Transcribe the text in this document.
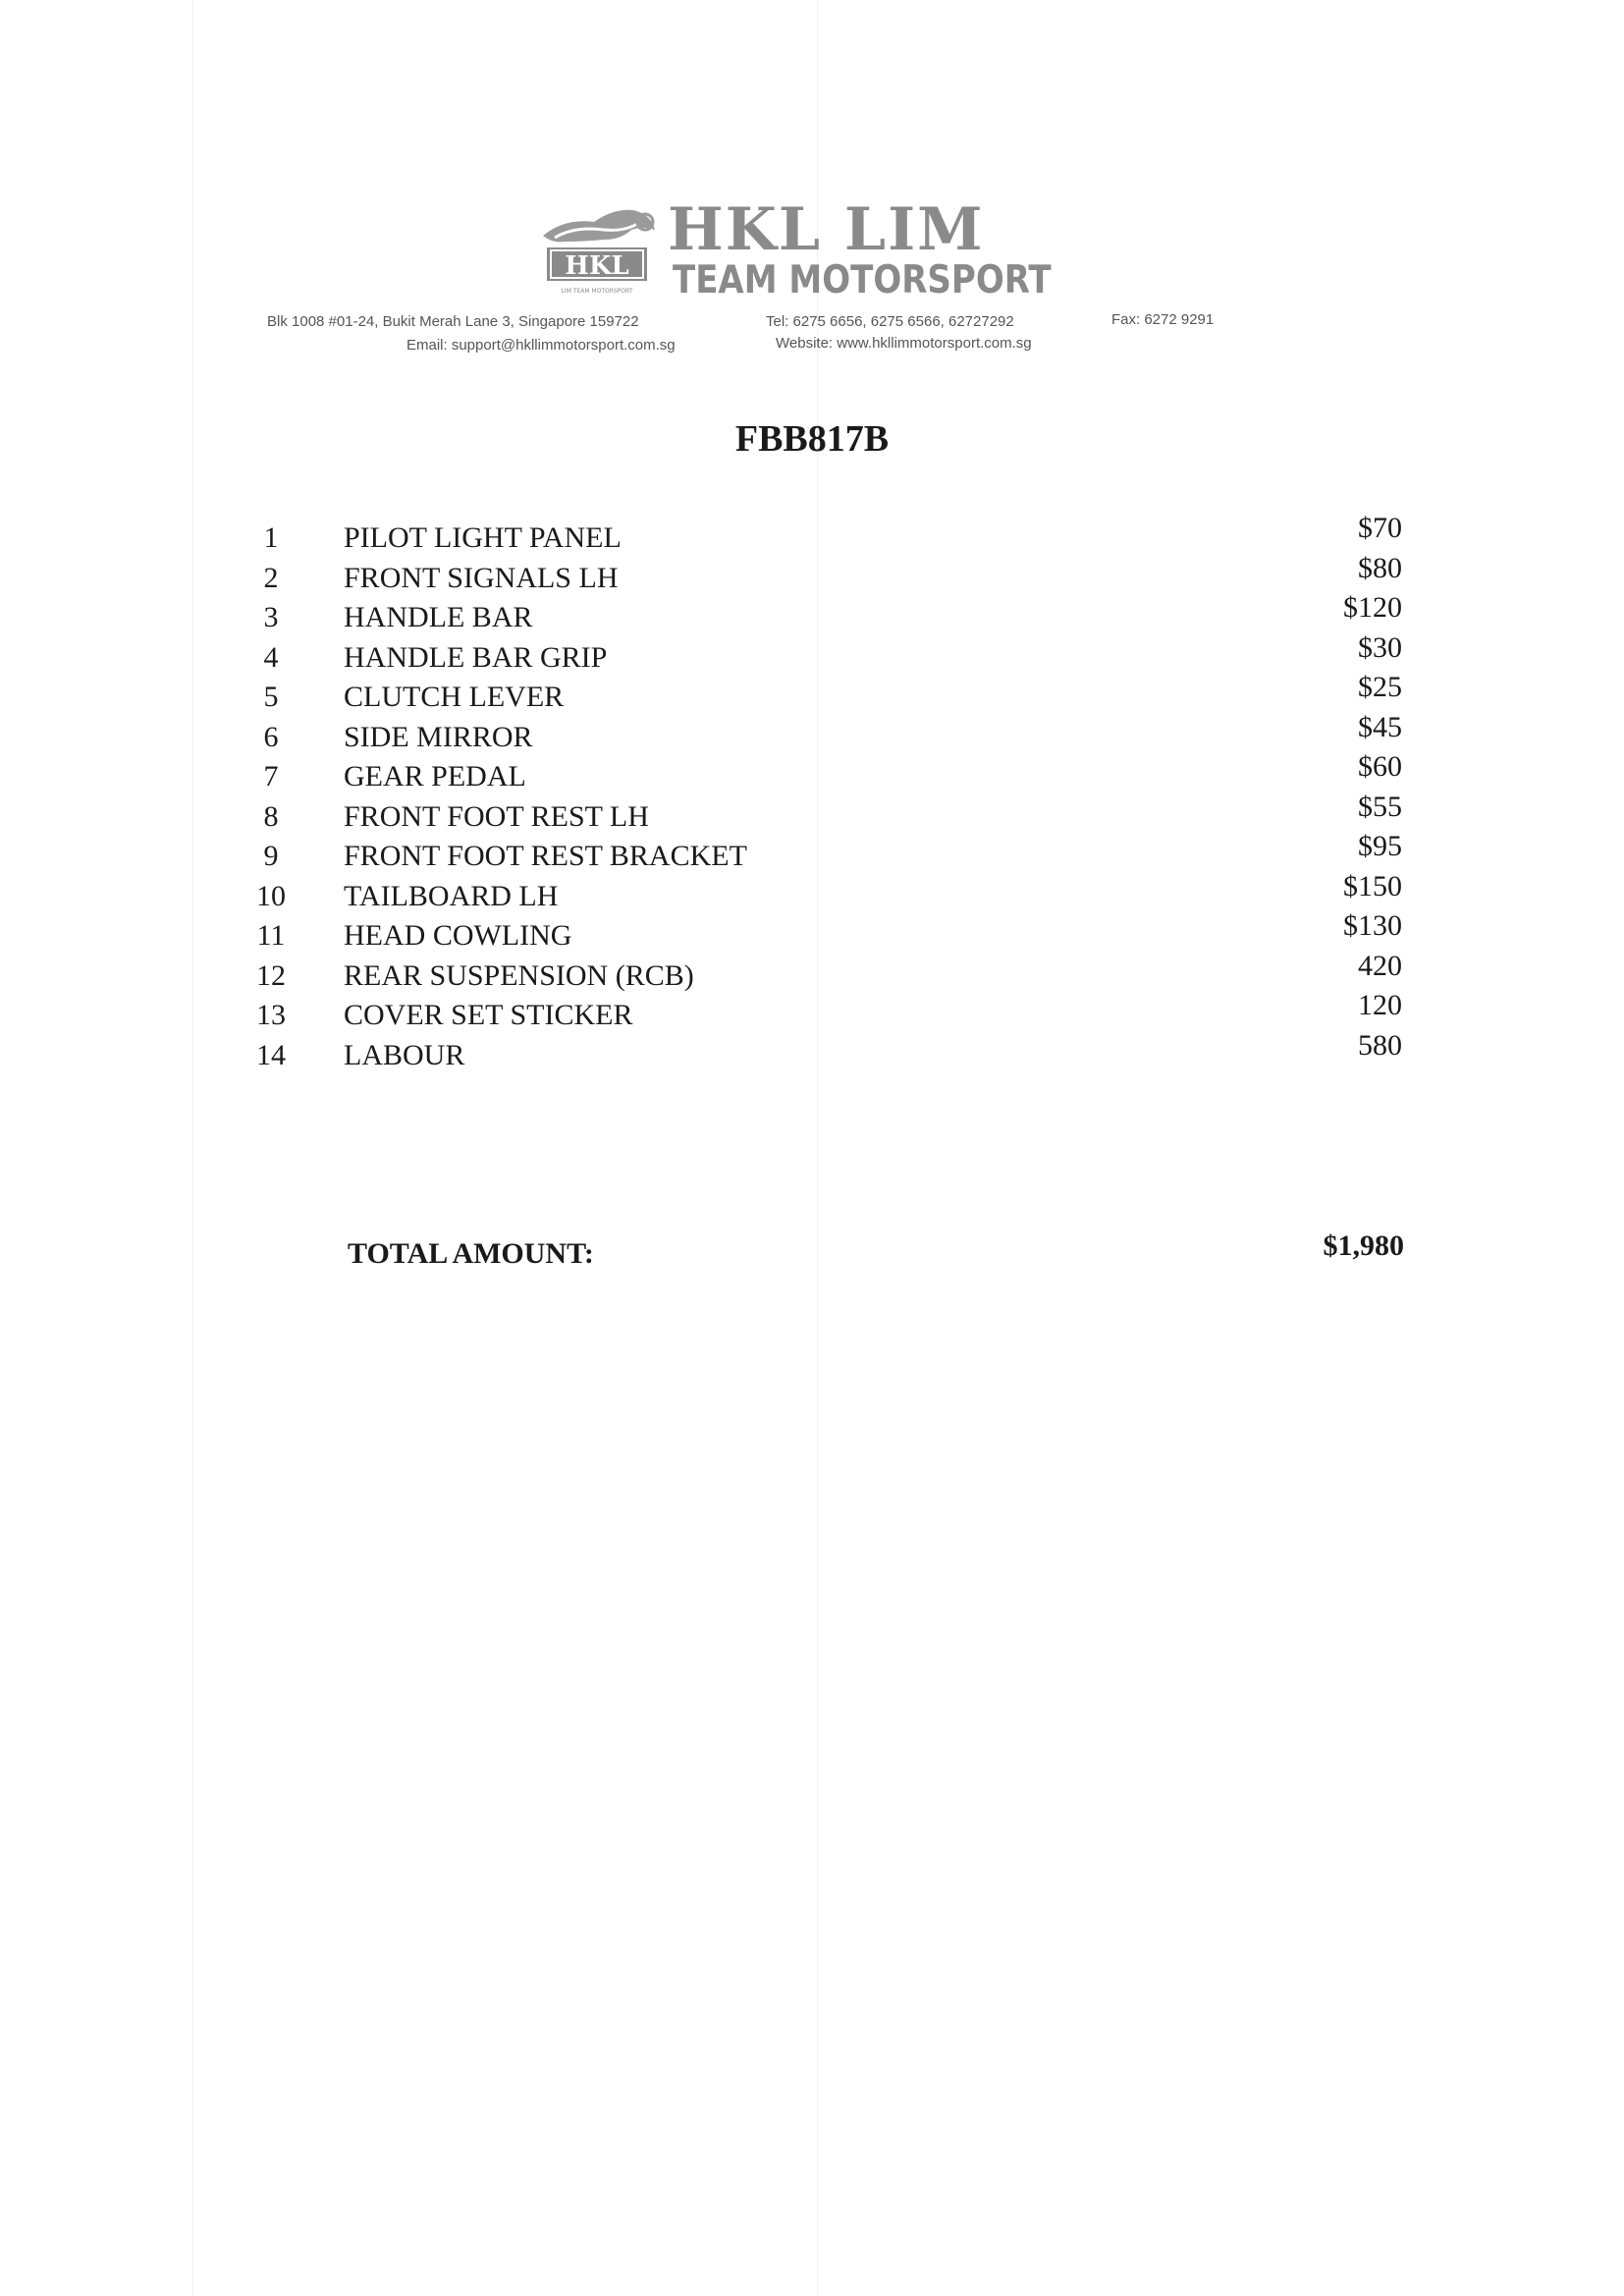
HKL
LIM TEAM MOTORSPORT
HKL LIM
TEAM MOTORSPORT
Blk 1008 #01-24, Bukit Merah Lane 3, Singapore 159722	Tel: 6275 6656, 6275 6566, 62727292	Fax: 6272 9291
Email: support@hkllimmotorsport.com.sg	Website: www.hkllimmotorsport.com.sg
FBB817B
1	PILOT LIGHT PANEL	$70
2	FRONT SIGNALS LH	$80
3	HANDLE BAR	$120
4	HANDLE BAR GRIP	$30
5	CLUTCH LEVER	$25
6	SIDE MIRROR	$45
7	GEAR PEDAL	$60
8	FRONT FOOT REST LH	$55
9	FRONT FOOT REST BRACKET	$95
10 TAILBOARD LH	$150
11 HEAD COWLING	$130
12 REAR SUSPENSION (RCB)	420
13 COVER SET STICKER	120
14 LABOUR	580
TOTAL AMOUNT:	$1,980
